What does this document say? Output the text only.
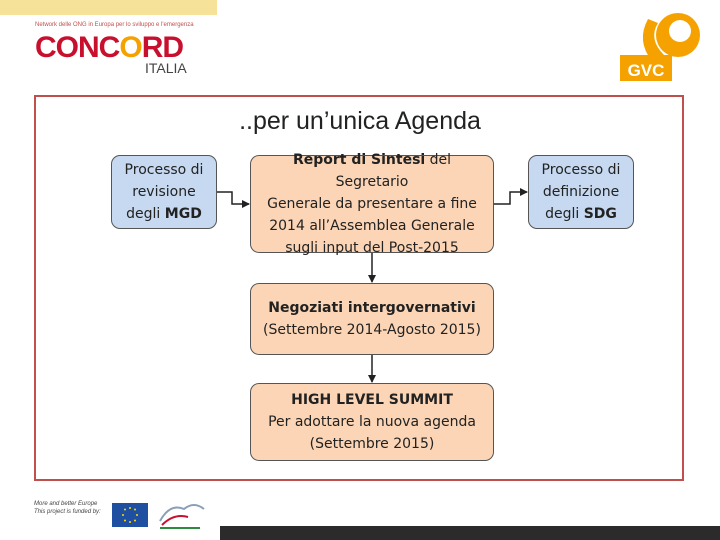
Network delle ONG in Europa per lo sviluppo e l'emergenza
CONCORD
ITALIA	GVC
..per un’unica Agenda
Processo di
revisione
degli MGD
Report di Sintesi del Segretario
Generale da presentare a fine
2014 all’Assemblea Generale
sugli input del Post-2015
Processo di
definizione
degli SDG
Negoziati intergovernativi
(Settembre 2014-Agosto 2015)
HIGH LEVEL SUMMIT
Per adottare la nuova agenda
(Settembre 2015)
More and better Europe
This project is funded by:
